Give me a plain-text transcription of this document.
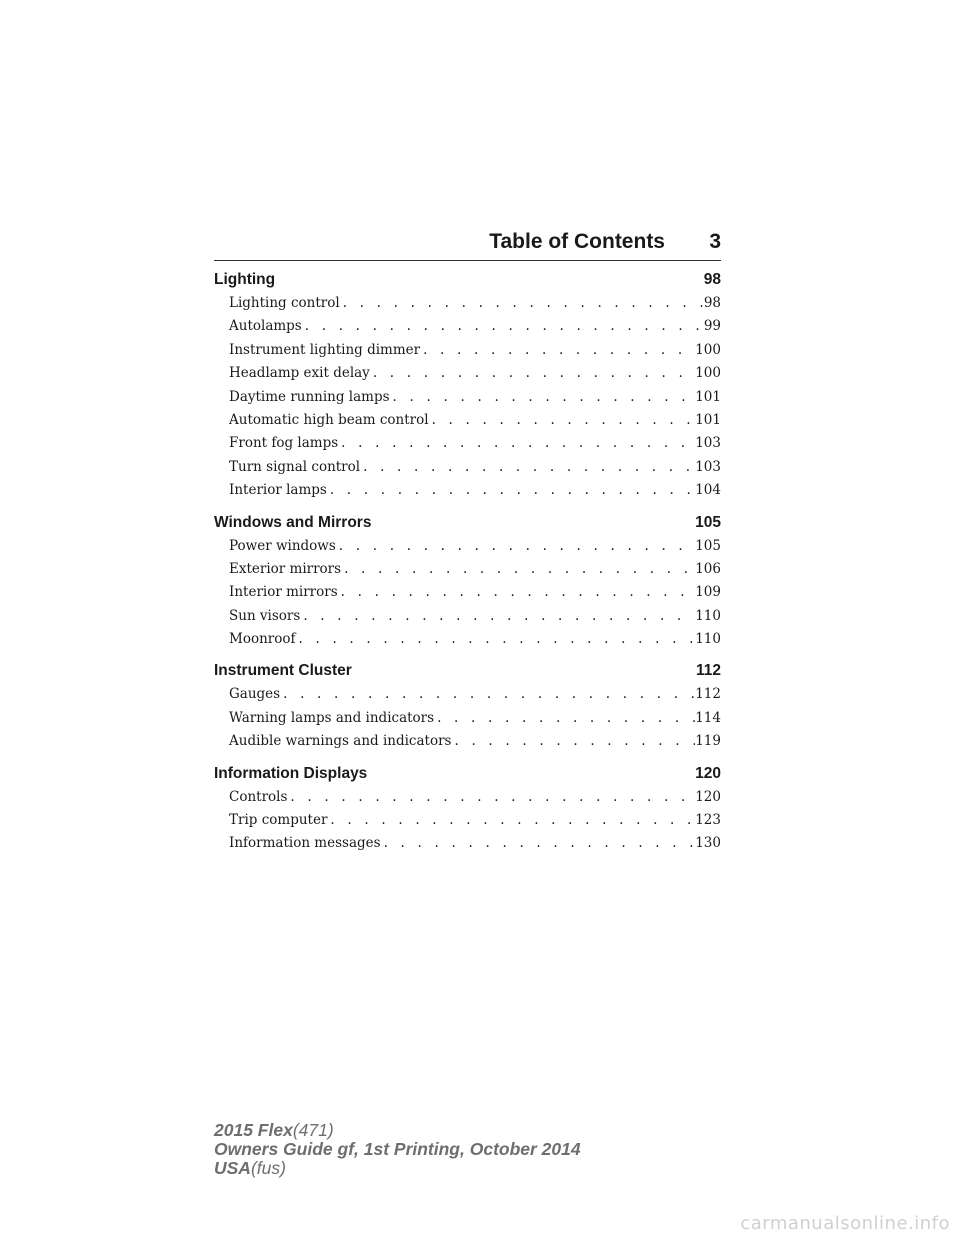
Table of Contents 3
Lighting	98
Lighting control . . .	98
Autolamps . . .	99
Instrument lighting dimmer . . .	100
Headlamp exit delay . . .	100
Daytime running lamps . . .	101
Automatic high beam control . . .	101
Front fog lamps . . .	103
Turn signal control . . .	103
Interior lamps . . .	104
Windows and Mirrors	105
Power windows . . .	105
Exterior mirrors . . .	106
Interior mirrors . . .	109
Sun visors . . .	110
Moonroof . . .	110
Instrument Cluster	112
Gauges . . .	112
Warning lamps and indicators . . .	114
Audible warnings and indicators . . .	119
Information Displays	120
Controls . . .	120
Trip computer . . .	123
Information messages . . .	130
2015 Flex(471)
Owners Guide gf, 1st Printing, October 2014
USA(fus)
carmanualsonline.info
